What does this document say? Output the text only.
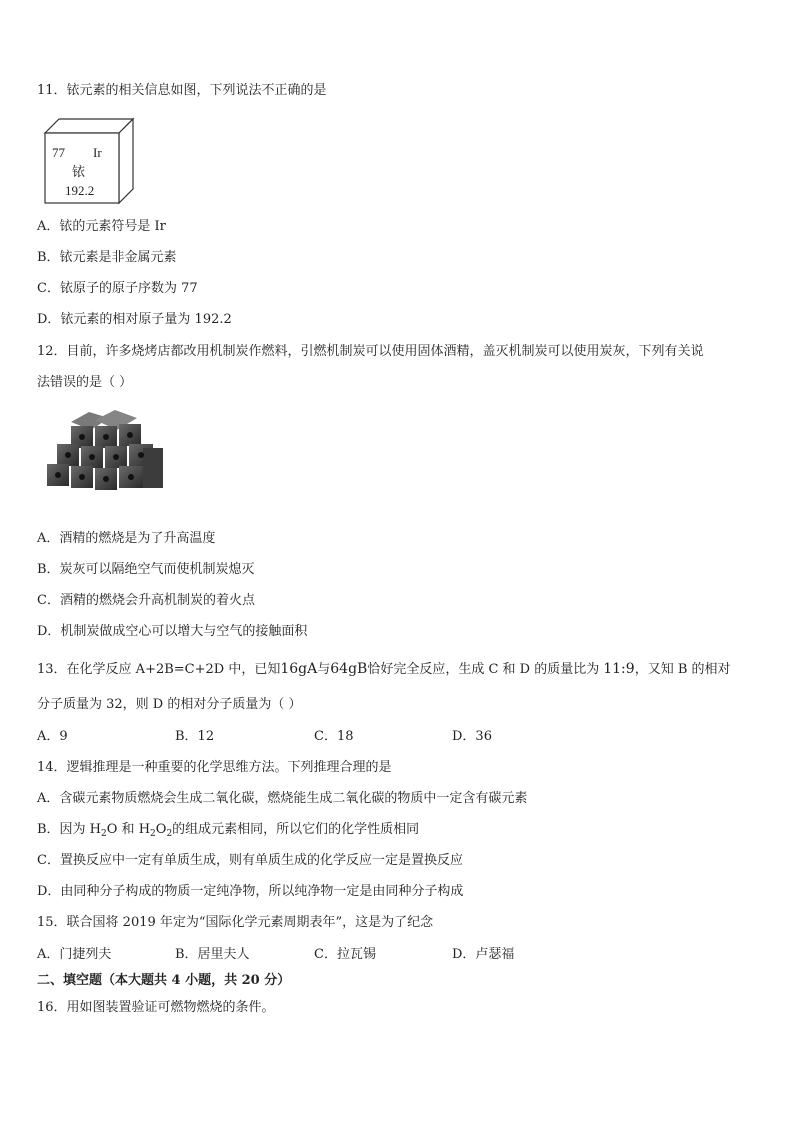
11．铱元素的相关信息如图，下列说法不正确的是
77 Ir
铱
192.2
A．铱的元素符号是 Ir
B．铱元素是非金属元素
C．铱原子的原子序数为 77
D．铱元素的相对原子量为 192.2
12．目前，许多烧烤店都改用机制炭作燃料，引燃机制炭可以使用固体酒精，盖灭机制炭可以使用炭灰，下列有关说
法错误的是（ ）
A．酒精的燃烧是为了升高温度
B．炭灰可以隔绝空气而使机制炭熄灭
C．酒精的燃烧会升高机制炭的着火点
D．机制炭做成空心可以增大与空气的接触面积
13．在化学反应 A+2B=C+2D 中，已知16gA与64gB恰好完全反应，生成 C 和 D 的质量比为 11:9，又知 B 的相对
分子质量为 32，则 D 的相对分子质量为（ ）
A．9	B．12	C．18	D．36
14．逻辑推理是一种重要的化学思维方法。下列推理合理的是
A．含碳元素物质燃烧会生成二氧化碳，燃烧能生成二氧化碳的物质中一定含有碳元素
B．因为 $H_2O$ 和 $H_2O_2$的组成元素相同，所以它们的化学性质相同
C．置换反应中一定有单质生成，则有单质生成的化学反应一定是置换反应
D．由同种分子构成的物质一定纯净物，所以纯净物一定是由同种分子构成
15．联合国将 2019 年定为“国际化学元素周期表年”，这是为了纪念
A．门捷列夫	B．居里夫人	C．拉瓦锡	D．卢瑟福
二、填空题（本大题共 4 小题，共 20 分）
16．用如图装置验证可燃物燃烧的条件。
